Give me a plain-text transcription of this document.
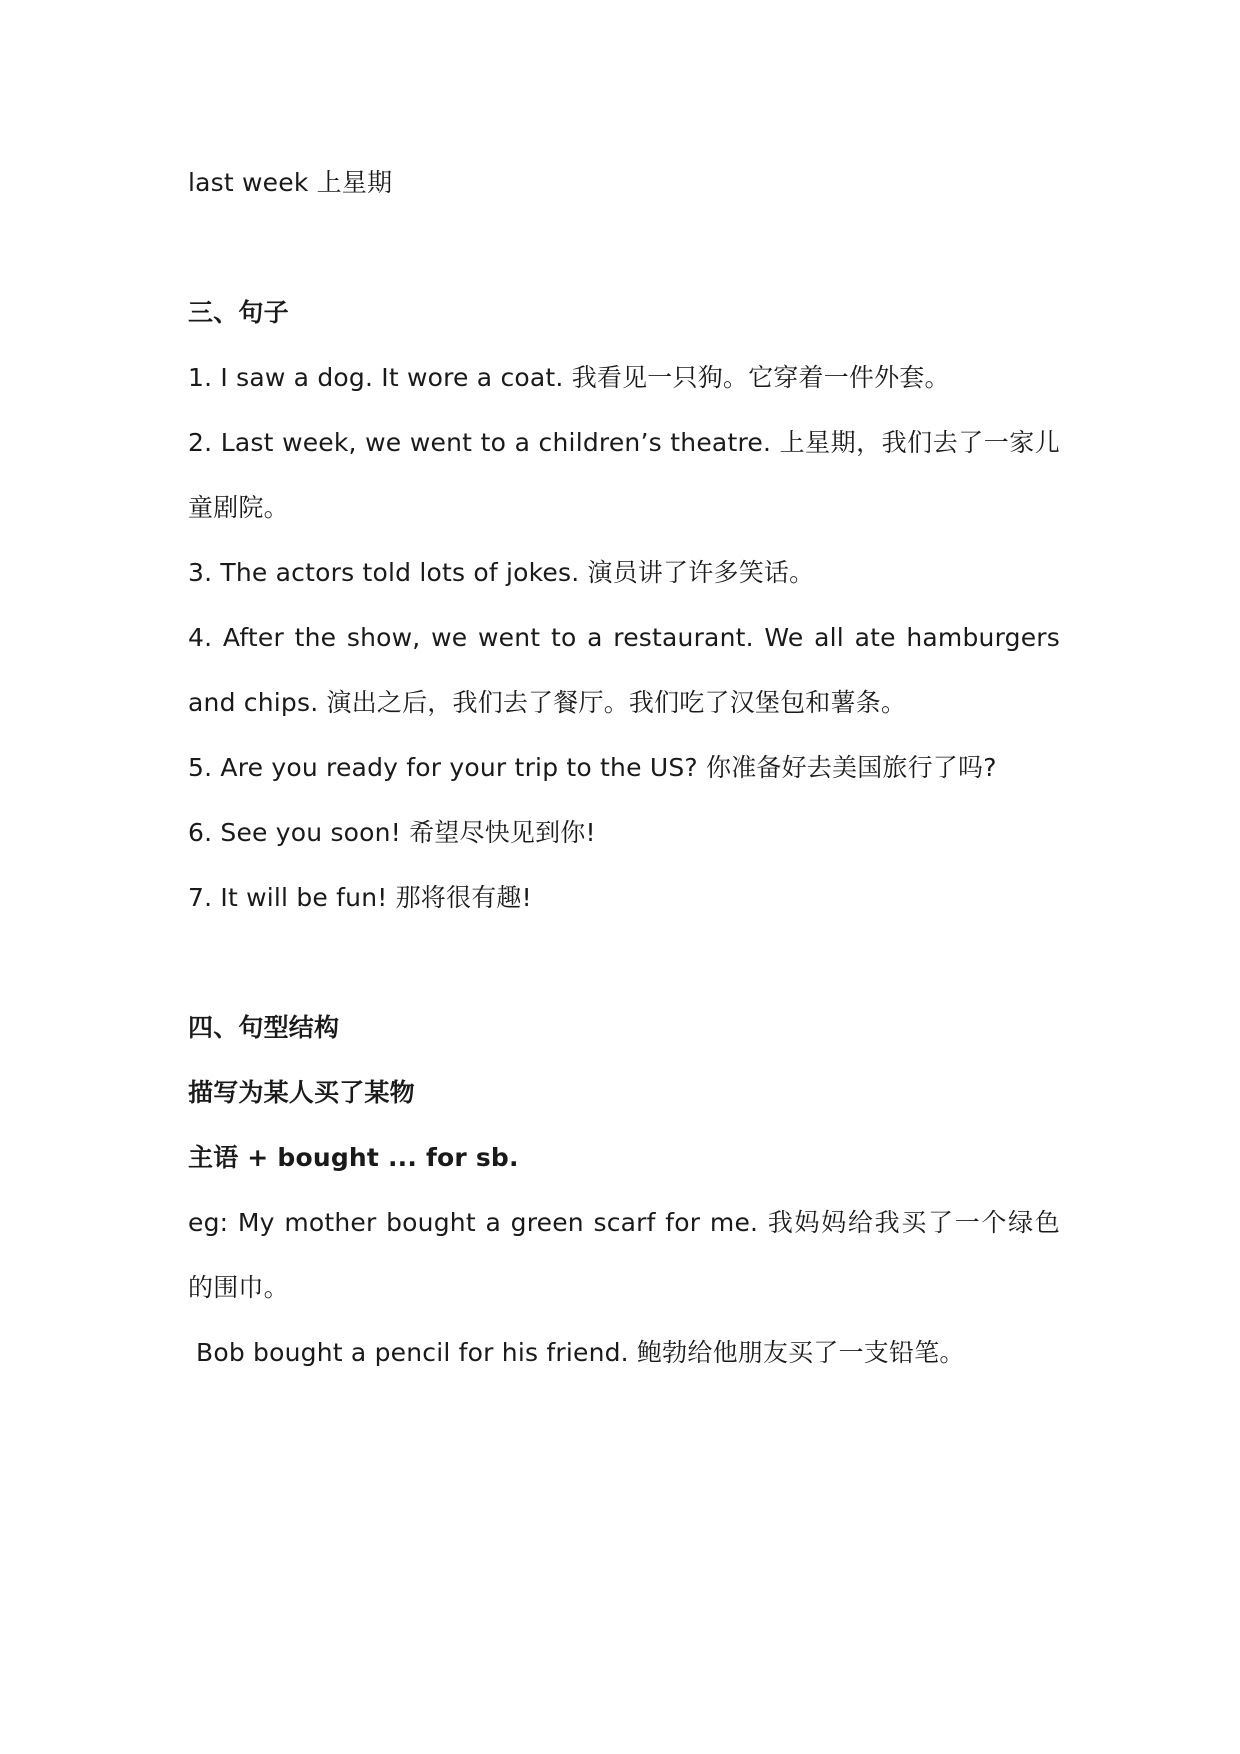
last week 上星期
三、句子
1. I saw a dog. It wore a coat. 我看见一只狗。它穿着一件外套。
2. Last week, we went to a children’s theatre. 上星期，我们去了一家儿
童剧院。
3. The actors told lots of jokes. 演员讲了许多笑话。
4. After the show, we went to a restaurant. We all ate hamburgers
and chips. 演出之后，我们去了餐厅。我们吃了汉堡包和薯条。
5. Are you ready for your trip to the US? 你准备好去美国旅行了吗?
6. See you soon! 希望尽快见到你!
7. It will be fun! 那将很有趣!
四、句型结构
描写为某人买了某物
主语 + bought ... for sb.
eg: My mother bought a green scarf for me. 我妈妈给我买了一个绿色
的围巾。
Bob bought a pencil for his friend. 鲍勃给他朋友买了一支铅笔。
